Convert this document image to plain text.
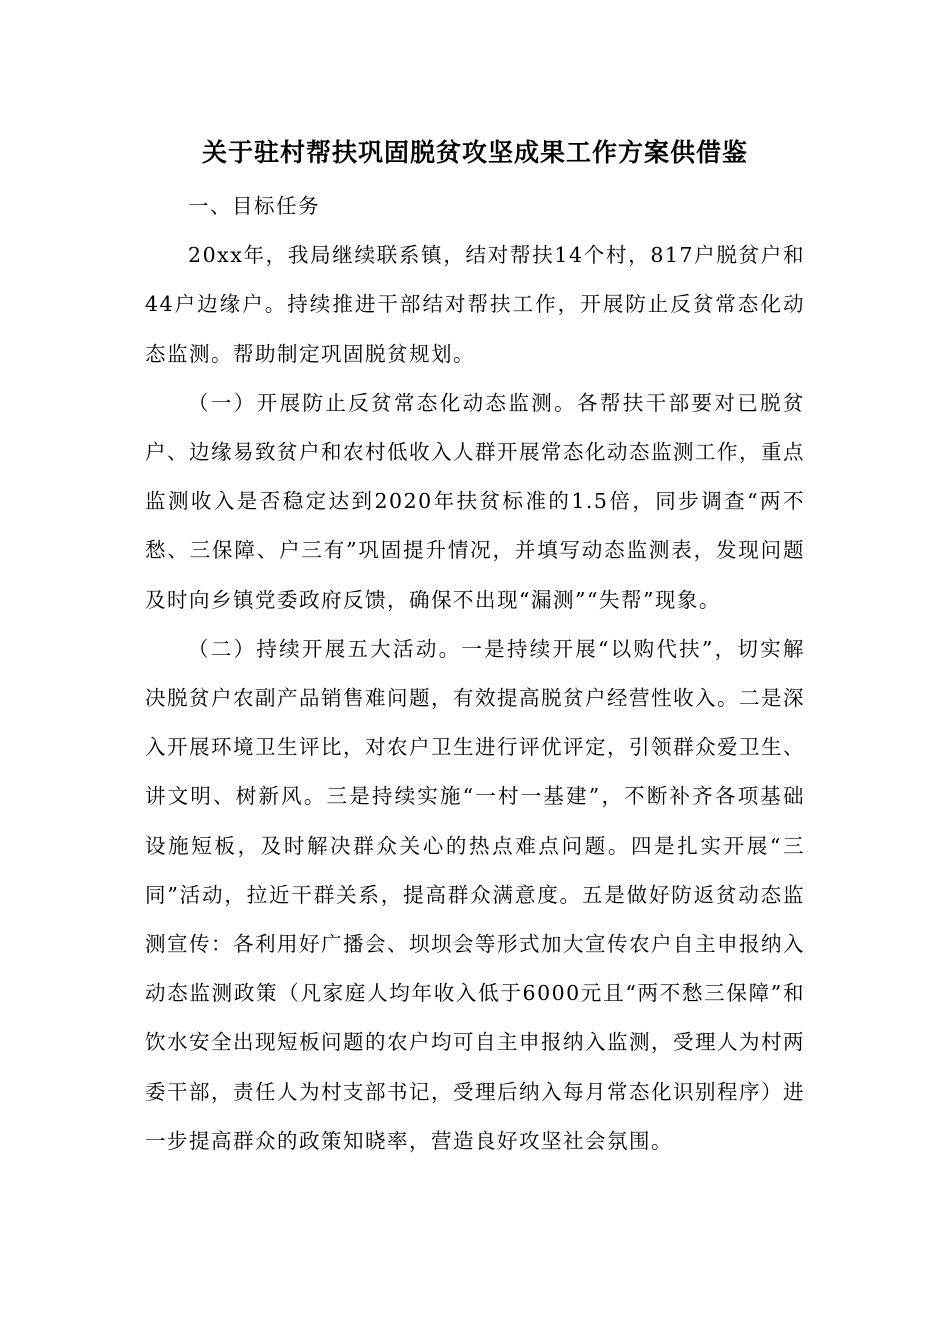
关于驻村帮扶巩固脱贫攻坚成果工作方案供借鉴

一、目标任务

20xx年，我局继续联系镇，结对帮扶14个村，817户脱贫户和44户边缘户。持续推进干部结对帮扶工作，开展防止反贫常态化动态监测。帮助制定巩固脱贫规划。

（一）开展防止反贫常态化动态监测。各帮扶干部要对已脱贫户、边缘易致贫户和农村低收入人群开展常态化动态监测工作，重点监测收入是否稳定达到2020年扶贫标准的1.5倍，同步调查“两不愁、三保障、户三有”巩固提升情况，并填写动态监测表，发现问题及时向乡镇党委政府反馈，确保不出现“漏测”“失帮”现象。

（二）持续开展五大活动。一是持续开展“以购代扶”，切实解决脱贫户农副产品销售难问题，有效提高脱贫户经营性收入。二是深入开展环境卫生评比，对农户卫生进行评优评定，引领群众爱卫生、讲文明、树新风。三是持续实施“一村一基建”，不断补齐各项基础设施短板，及时解决群众关心的热点难点问题。四是扎实开展“三同”活动，拉近干群关系，提高群众满意度。五是做好防返贫动态监测宣传：各利用好广播会、坝坝会等形式加大宣传农户自主申报纳入动态监测政策（凡家庭人均年收入低于6000元且“两不愁三保障”和饮水安全出现短板问题的农户均可自主申报纳入监测，受理人为村两委干部，责任人为村支部书记，受理后纳入每月常态化识别程序）进一步提高群众的政策知晓率，营造良好攻坚社会氛围。
